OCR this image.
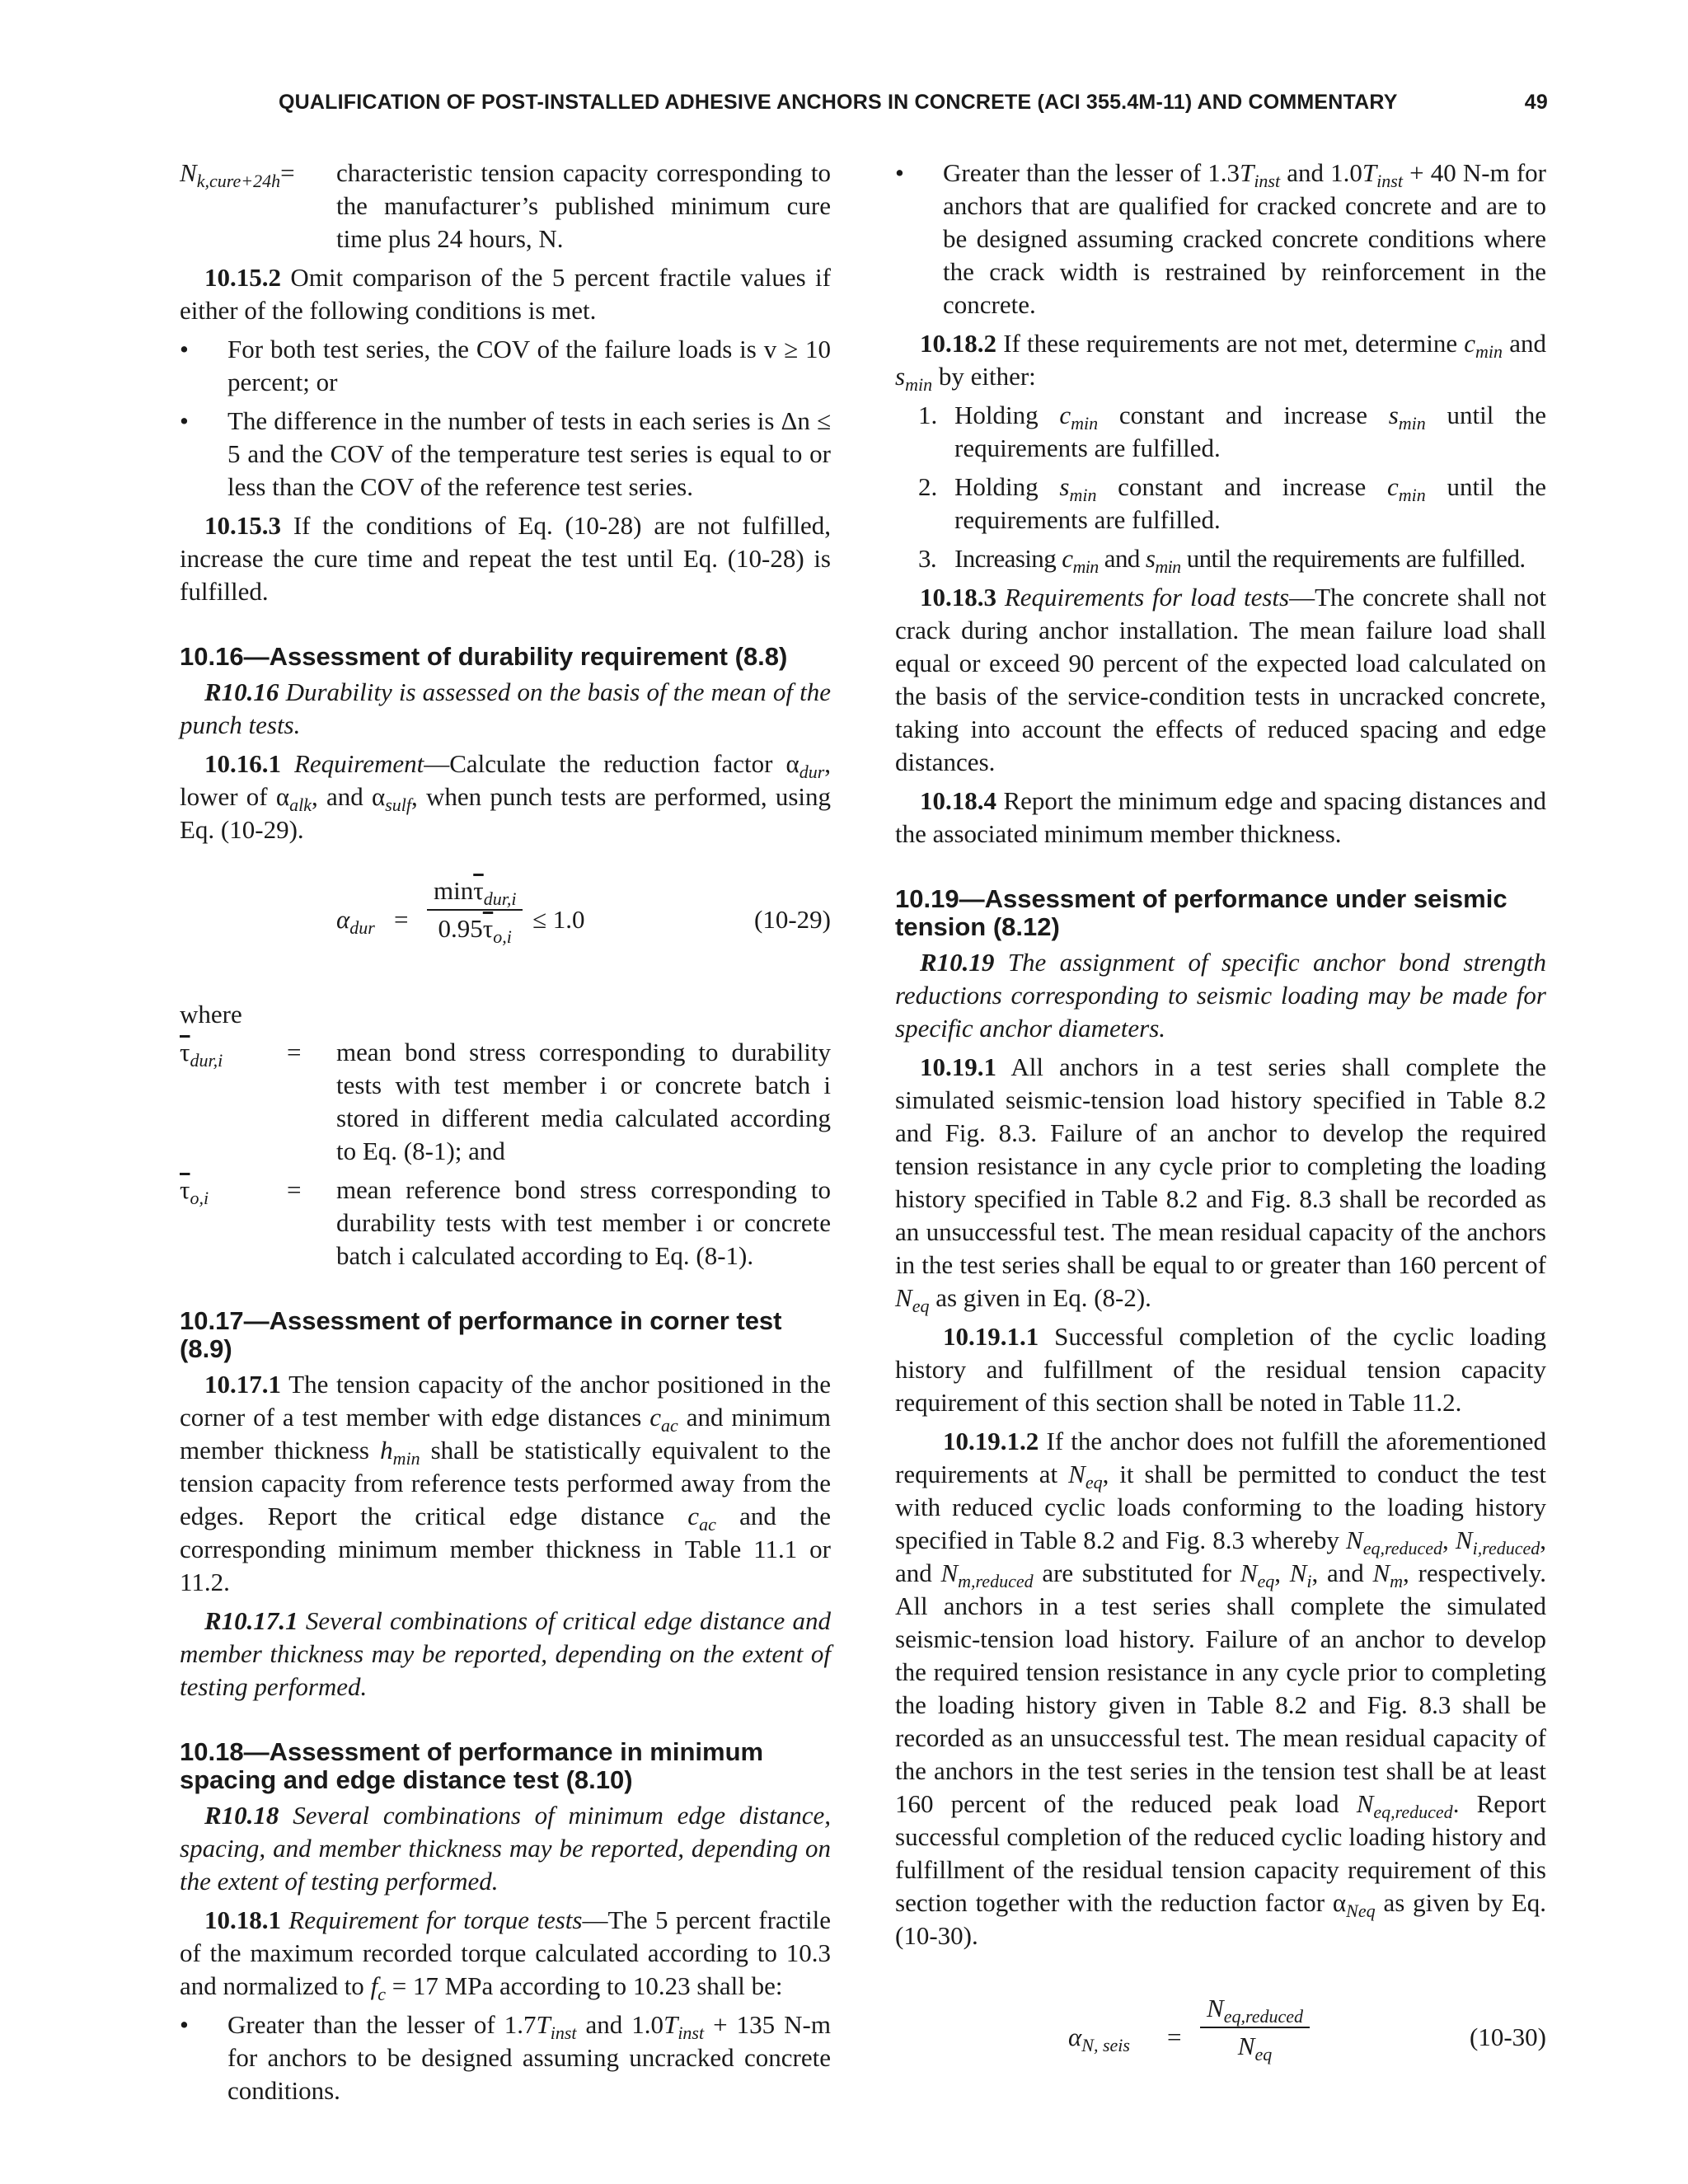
QUALIFICATION OF POST-INSTALLED ADHESIVE ANCHORS IN CONCRETE (ACI 355.4M-11) AND COMMENTARY	49
$N_{k,cure+24h}=$ characteristic tension capacity corresponding to the manufacturer’s published minimum cure time plus 24 hours, N.

10.15.2 Omit comparison of the 5 percent fractile values if either of the following conditions is met.

• For both test series, the COV of the failure loads is v ≥ 10 percent; or
• The difference in the number of tests in each series is Δn ≤ 5 and the COV of the temperature test series is equal to or less than the COV of the reference test series.

10.15.3 If the conditions of Eq. (10-28) are not fulfilled, increase the cure time and repeat the test until Eq. (10-28) is fulfilled.

10.16—Assessment of durability requirement (8.8)

R10.16 Durability is assessed on the basis of the mean of the punch tests.

10.16.1 Requirement—Calculate the reduction factor $\alpha_{dur}$, lower of $\alpha_{alk}$, and $\alpha_{sulf}$, when punch tests are performed, using Eq. (10-29).

$\alpha_{dur}$ =
$\min\overline{\tau}_{dur,i}$
$0.95\overline{\tau}_{o,i}$
≤ 1.0	(10-29)

where

$\overline{\tau}_{dur,i}$	=	mean bond stress corresponding to durability tests with test member i or concrete batch i stored in different media calculated according to Eq. (8-1); and
$\overline{\tau}_{o,i}$	=	mean reference bond stress corresponding to durability tests with test member i or concrete batch i calculated according to Eq. (8-1).
10.17—Assessment of performance in corner test (8.9)

10.17.1 The tension capacity of the anchor positioned in the corner of a test member with edge distances $c_{ac}$ and minimum member thickness $h_{min}$ shall be statistically equivalent to the tension capacity from reference tests performed away from the edges. Report the critical edge distance $c_{ac}$ and the corresponding minimum member thickness in Table 11.1 or 11.2.

R10.17.1 Several combinations of critical edge distance and member thickness may be reported, depending on the extent of testing performed.

10.18—Assessment of performance in minimum spacing and edge distance test (8.10)

R10.18 Several combinations of minimum edge distance, spacing, and member thickness may be reported, depending on the extent of testing performed.

10.18.1 Requirement for torque tests—The 5 percent fractile of the maximum recorded torque calculated according to 10.3 and normalized to $f_c = 17$ MPa according to 10.23 shall be:

• Greater than the lesser of $1.7T_{inst}$ and $1.0T_{inst} + 135$ N-m for anchors to be designed assuming uncracked concrete conditions.
• Greater than the lesser of $1.3T_{inst}$ and $1.0T_{inst} + 40$ N-m for anchors that are qualified for cracked concrete and are to be designed assuming cracked concrete conditions where the crack width is restrained by reinforcement in the concrete.

10.18.2 If these requirements are not met, determine $c_{min}$ and $s_{min}$ by either:

1. Holding $c_{min}$ constant and increase $s_{min}$ until the requirements are fulfilled.
2. Holding $s_{min}$ constant and increase $c_{min}$ until the requirements are fulfilled.
3. Increasing $c_{min}$ and $s_{min}$ until the requirements are fulfilled.

10.18.3 Requirements for load tests—The concrete shall not crack during anchor installation. The mean failure load shall equal or exceed 90 percent of the expected load calculated on the basis of the service-condition tests in uncracked concrete, taking into account the effects of reduced spacing and edge distances.

10.18.4 Report the minimum edge and spacing distances and the associated minimum member thickness.

10.19—Assessment of performance under seismic tension (8.12)

R10.19 The assignment of specific anchor bond strength reductions corresponding to seismic loading may be made for specific anchor diameters.

10.19.1 All anchors in a test series shall complete the simulated seismic-tension load history specified in Table 8.2 and Fig. 8.3. Failure of an anchor to develop the required tension resistance in any cycle prior to completing the loading history specified in Table 8.2 and Fig. 8.3 shall be recorded as an unsuccessful test. The mean residual capacity of the anchors in the test series shall be equal to or greater than 160 percent of $N_{eq}$ as given in Eq. (8-2).

10.19.1.1 Successful completion of the cyclic loading history and fulfillment of the residual tension capacity requirement of this section shall be noted in Table 11.2.

10.19.1.2 If the anchor does not fulfill the aforementioned requirements at $N_{eq}$, it shall be permitted to conduct the test with reduced cyclic loads conforming to the loading history specified in Table 8.2 and Fig. 8.3 whereby $N_{eq,reduced}$, $N_{i,reduced}$, and $N_{m,reduced}$ are substituted for $N_{eq}$, $N_i$, and $N_m$, respectively. All anchors in a test series shall complete the simulated seismic-tension load history. Failure of an anchor to develop the required tension resistance in any cycle prior to completing the loading history given in Table 8.2 and Fig. 8.3 shall be recorded as an unsuccessful test. The mean residual capacity of the anchors in the test series in the tension test shall be at least 160 percent of the reduced peak load $N_{eq,reduced}$. Report successful completion of the reduced cyclic loading history and fulfillment of the residual tension capacity requirement of this section together with the reduction factor $\alpha_{Neq}$ as given by Eq. (10-30).

$\alpha_{N, seis}$ =
$N_{eq,reduced}$
$N_{eq}$
(10-30)
